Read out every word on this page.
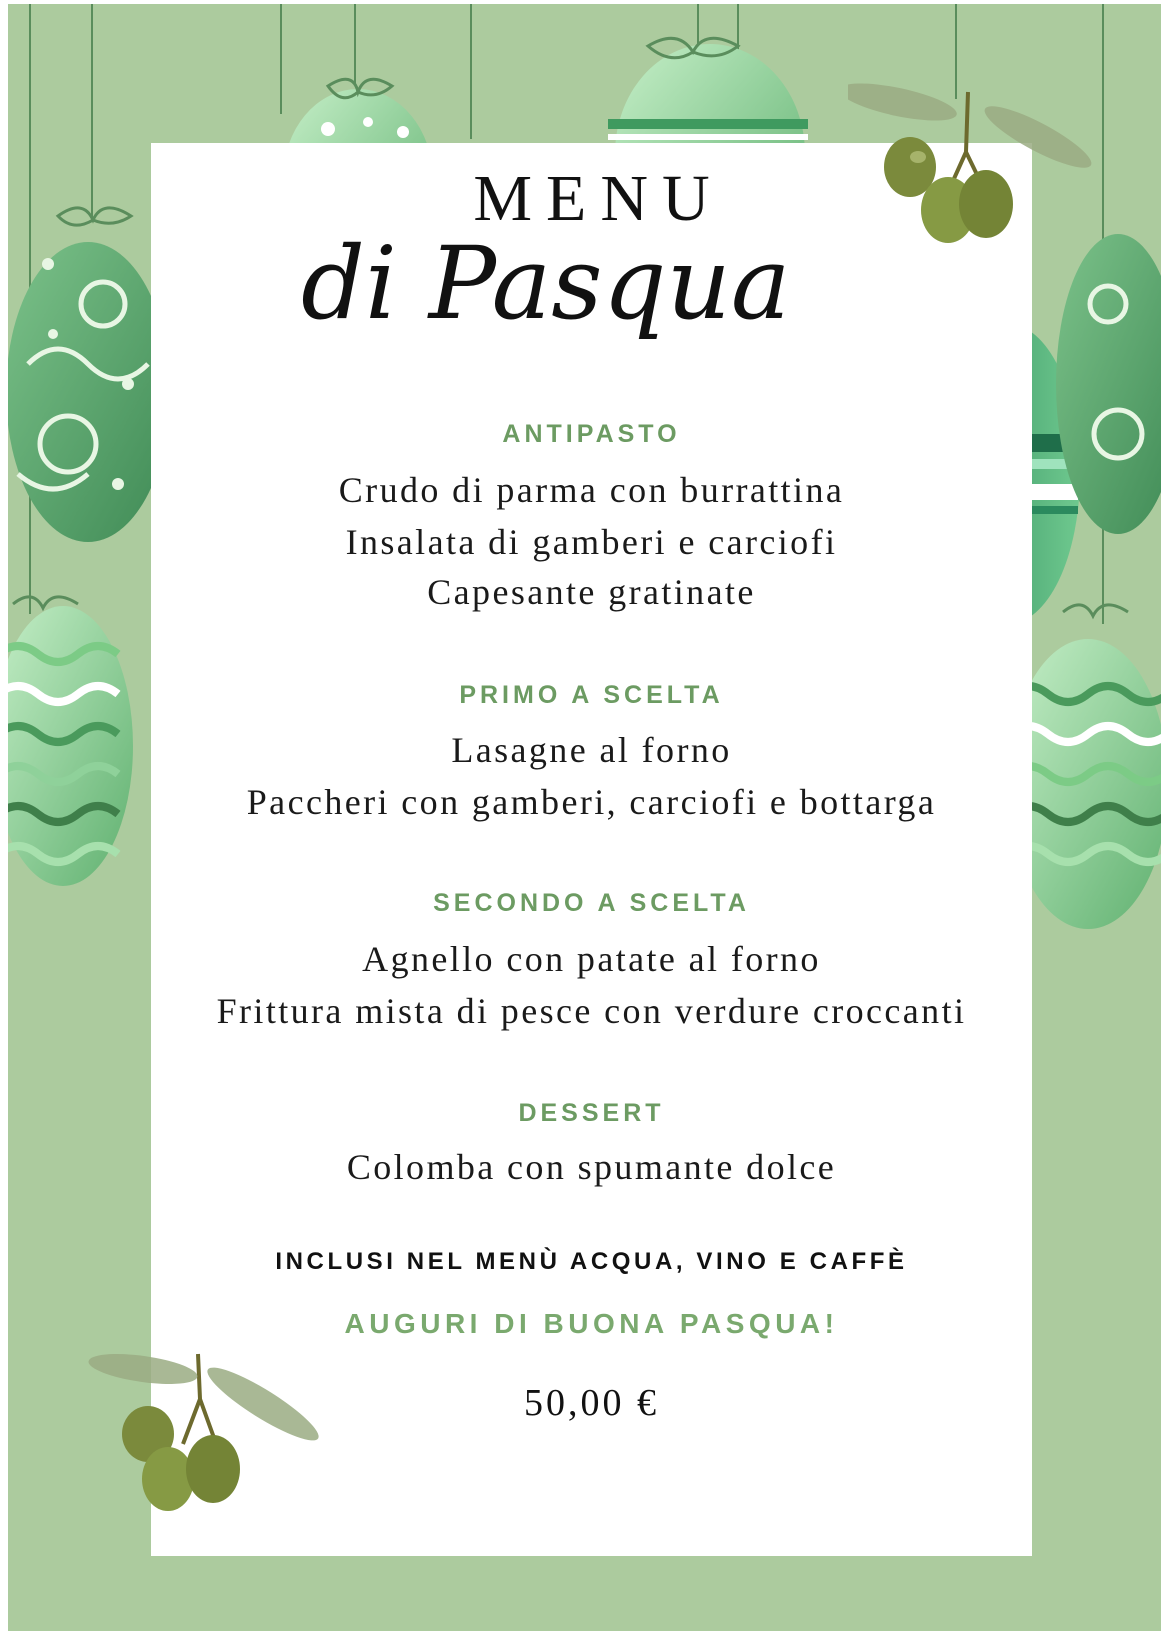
MENU
di Pasqua
ANTIPASTO
Crudo di parma con burrattina
Insalata di gamberi e carciofi
Capesante gratinate
PRIMO A SCELTA
Lasagne al forno
Paccheri con gamberi, carciofi e bottarga
SECONDO A SCELTA
Agnello con patate al forno
Frittura mista di pesce con verdure croccanti
DESSERT
Colomba con spumante dolce
INCLUSI NEL MENÙ ACQUA, VINO E CAFFÈ
AUGURI DI BUONA PASQUA!
50,00 €
